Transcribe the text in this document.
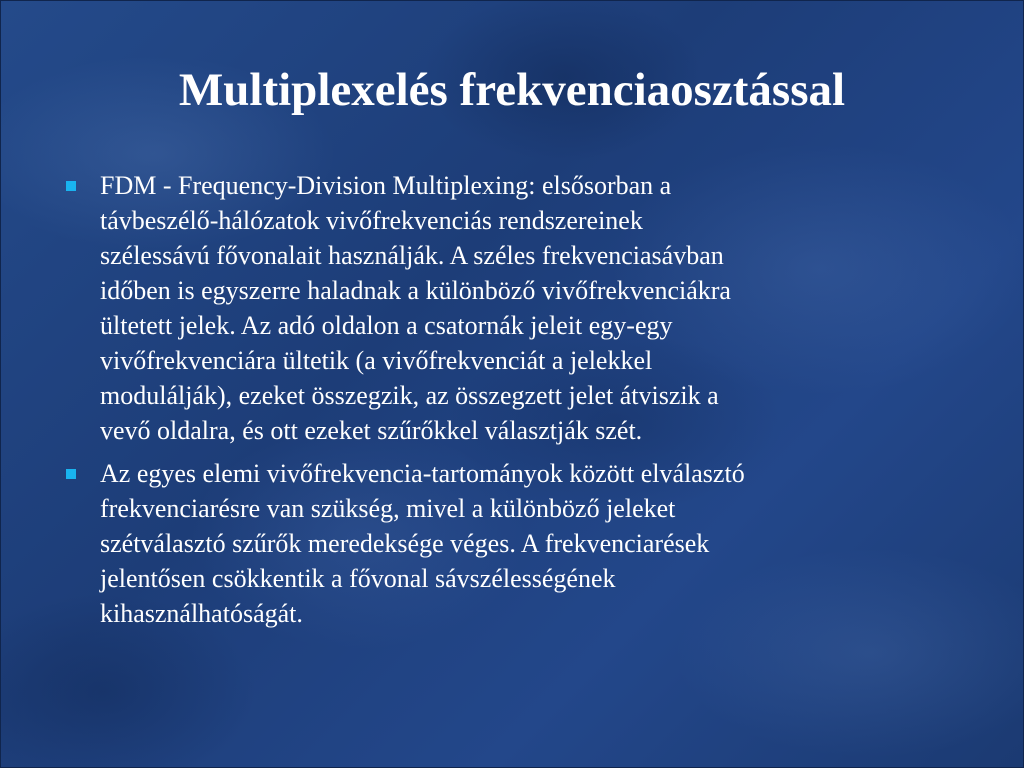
Multiplexelés frekvenciaosztással
FDM - Frequency-Division Multiplexing: elsősorban a
távbeszélő-hálózatok vivőfrekvenciás rendszereinek
szélessávú fővonalait használják. A széles frekvenciasávban
időben is egyszerre haladnak a különböző vivőfrekvenciákra
ültetett jelek. Az adó oldalon a csatornák jeleit egy-egy
vivőfrekvenciára ültetik (a vivőfrekvenciát a jelekkel
modulálják), ezeket összegzik, az összegzett jelet átviszik a
vevő oldalra, és ott ezeket szűrőkkel választják szét.
Az egyes elemi vivőfrekvencia-tartományok között elválasztó
frekvenciarésre van szükség, mivel a különböző jeleket
szétválasztó szűrők meredeksége véges. A frekvenciarések
jelentősen csökkentik a fővonal sávszélességének
kihasználhatóságát.
